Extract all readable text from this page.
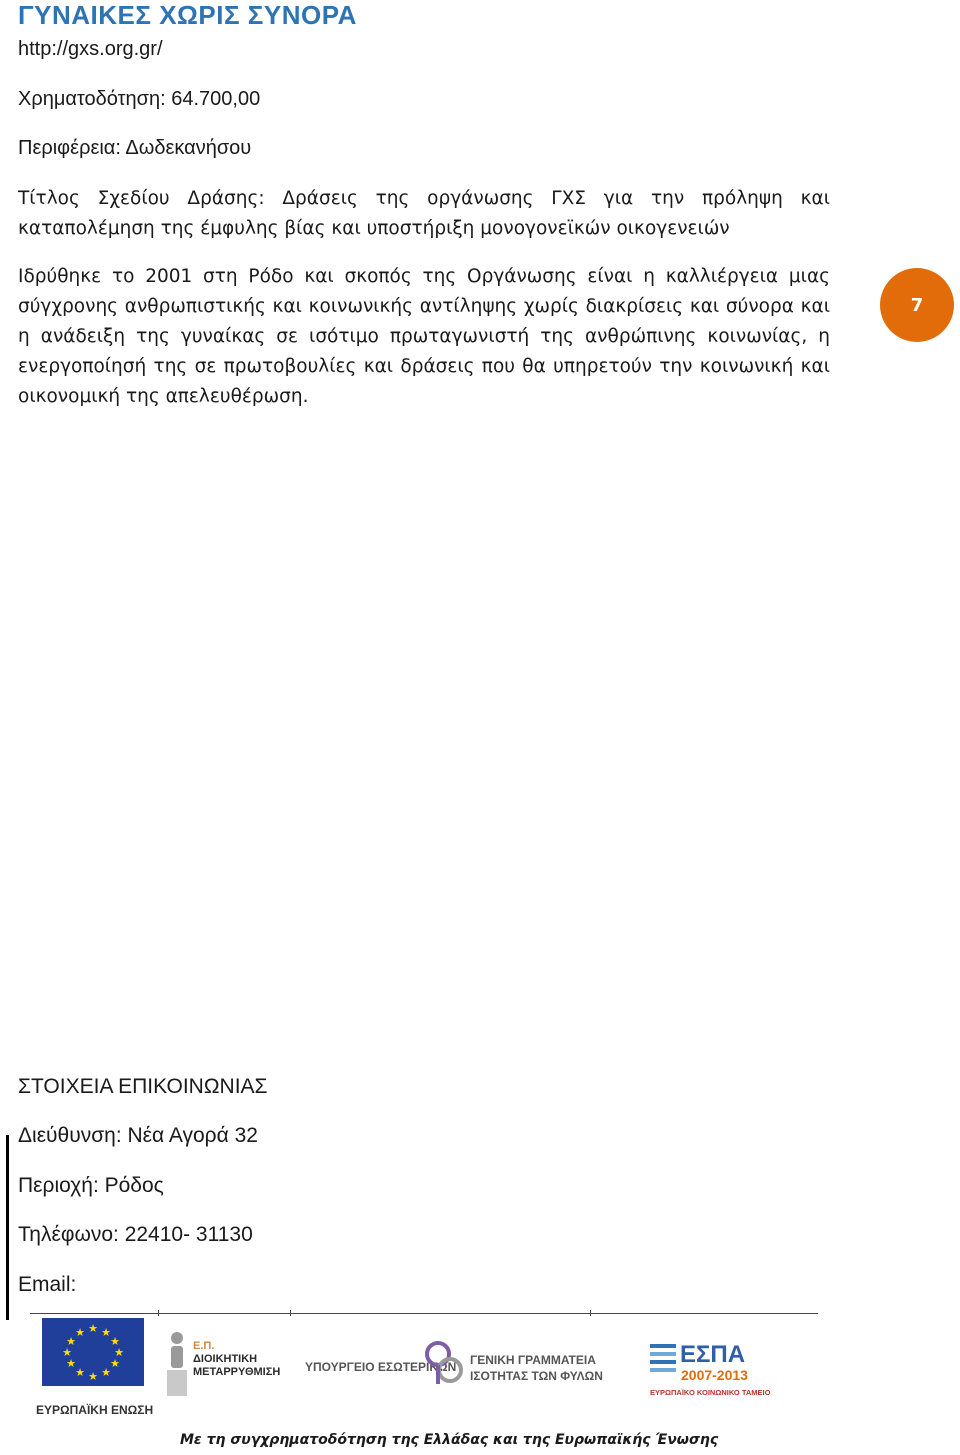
ΓΥΝΑΙΚΕΣ ΧΩΡΙΣ ΣΥΝΟΡΑ
http://gxs.org.gr/
Χρηματοδότηση: 64.700,00
Περιφέρεια: Δωδεκανήσου
Τίτλος Σχεδίου Δράσης: Δράσεις της οργάνωσης ΓΧΣ για την πρόληψη και καταπολέμηση της έμφυλης βίας και υποστήριξη μονογονεϊκών οικογενειών
Ιδρύθηκε το 2001 στη Ρόδο και σκοπός της Οργάνωσης είναι η καλλιέργεια μιας σύγχρονης ανθρωπιστικής και κοινωνικής αντίληψης χωρίς διακρίσεις και σύνορα και η ανάδειξη της γυναίκας σε ισότιμο πρωταγωνιστή της ανθρώπινης κοινωνίας, η ενεργοποίησή της σε πρωτοβουλίες και δράσεις που θα υπηρετούν την κοινωνική και οικονομική της απελευθέρωση.
7
ΣΤΟΙΧΕΙΑ ΕΠΙΚΟΙΝΩΝΙΑΣ
Διεύθυνση: Νέα Αγορά 32
Περιοχή: Ρόδος
Τηλέφωνο: 22410- 31130
Email:
★ ★
★
★
★
★
★
★
★
★
★
★
ΕΥΡΩΠΑΪΚΗ ΕΝΩΣΗ
Ε.Π.
ΔΙΟΙΚΗΤΙΚΗ
ΜΕΤΑΡΡΥΘΜΙΣΗ ΥΠΟΥΡΓΕΙΟ ΕΣΩΤΕΡΙΚΩΝ ΓΕΝΙΚΗ ΓΡΑΜΜΑΤΕΙΑ
ΙΣΟΤΗΤΑΣ ΤΩΝ ΦΥΛΩΝ
ΕΣΠΑ
2007-2013
ΕΥΡΩΠΑΪΚΟ ΚΟΙΝΩΝΙΚΟ ΤΑΜΕΙΟ
Με τη συγχρηματοδότηση της Ελλάδας και της Ευρωπαϊκής Ένωσης
